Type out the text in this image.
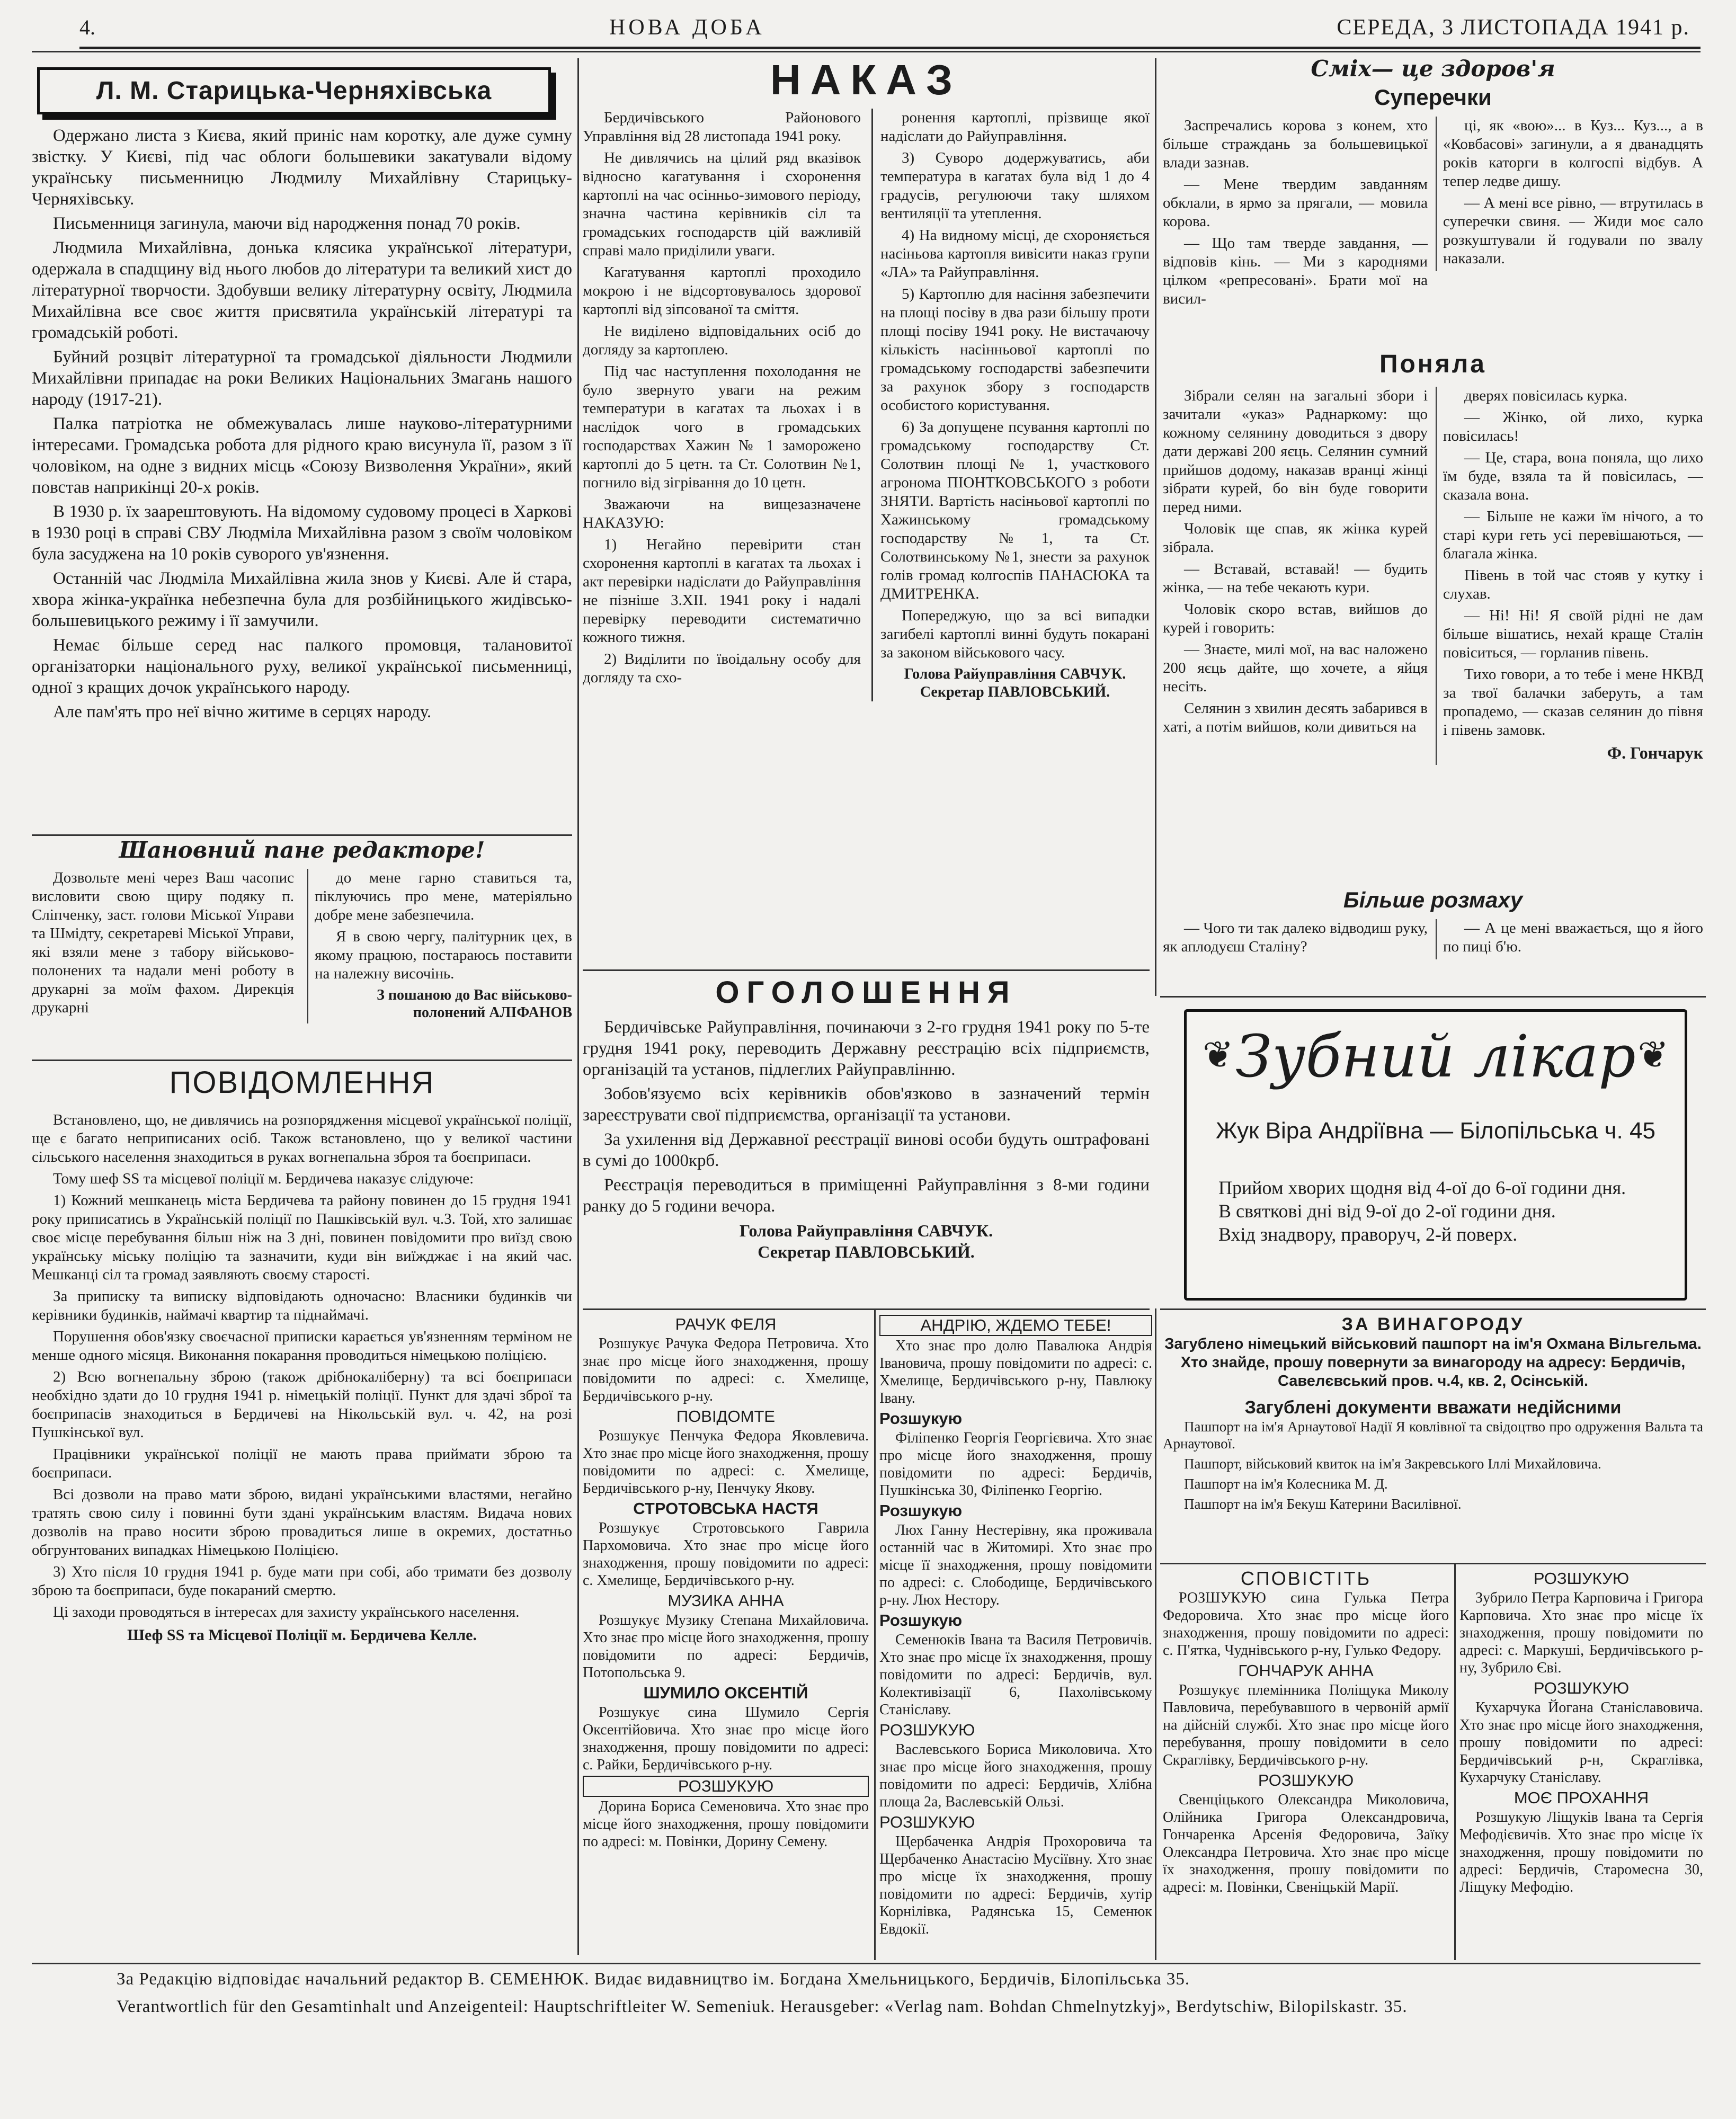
4.	НОВА ДОБА	СЕРЕДА, 3 ЛИСТОПАДА 1941 р.
Л. М. Старицька-Черняхівська

Одержано листа з Києва, який приніс нам коротку, але дуже сумну звістку. У Києві, під час облоги большевики закатували відому українську письменницю Людмилу Михайлівну Старицьку-Черняхівську.

Письменниця загинула, маючи від народження понад 70 років.

Людмила Михайлівна, донька клясика української літератури, одержала в спадщину від нього любов до літератури та великий хист до літературної творчости. Здобувши велику літературну освіту, Людмила Михайлівна все своє життя присвятила українській літературі та громадській роботі.

Буйний розцвіт літературної та громадської діяльности Людмили Михайлівни припадає на роки Великих Національних Змагань нашого народу (1917-21).

Палка патріотка не обмежувалась лише науково-літературними інтересами. Громадська робота для рідного краю висунула її, разом з її чоловіком, на одне з видних місць «Союзу Визволення України», який повстав наприкінці 20-х років.

В 1930 р. їх заарештовують. На відомому судовому процесі в Харкові в 1930 році в справі СВУ Людміла Михайлівна разом з своїм чоловіком була засуджена на 10 років суворого ув'язнення.

Останній час Людміла Михайлівна жила знов у Києві. Але й стара, хвора жінка-українка небезпечна була для розбійницького жидівсько-большевицького режиму і її замучили.

Немає більше серед нас палкого промовця, талановитої організаторки національного руху, великої української письменниці, одної з кращих дочок українського народу.

Але пам'ять про неї вічно житиме в серцях народу.

Шановний пане редакторе!

Дозвольте мені через Ваш часопис висловити свою щиру подяку п. Сліпченку, заст. голови Міської Управи та Шмідту, секретареві Міської Управи, які взяли мене з табору військово-полонених та надали мені роботу в друкарні за моїм фахом. Дирекція друкарні

до мене гарно ставиться та, піклуючись про мене, матеріяльно добре мене забезпечила.

Я в свою чергу, палітурник цех, в якому працюю, постараюсь поставити на належну височінь.

З пошаною до Вас військово-полонений АЛІФАНОВ
ПОВІДОМЛЕННЯ

Встановлено, що, не дивлячись на розпорядження місцевої української поліції, ще є багато неприписаних осіб. Також встановлено, що у великої частини сільського населення знаходиться в руках вогнепальна зброя та боєприпаси.

Тому шеф SS та місцевої поліції м. Бердичева наказує слідуюче:

1) Кожний мешканець міста Бердичева та району повинен до 15 грудня 1941 року приписатись в Українській поліції по Пашківській вул. ч.3. Той, хто залишає своє місце перебування більш ніж на 3 дні, повинен повідомити про виїзд свою українську міську поліцію та зазначити, куди він виїжджає і на який час. Мешканці сіл та громад заявляють своєму старості.

За приписку та виписку відповідають одночасно: Власники будинків чи керівники будинків, наймачі квартир та піднаймачі.

Порушення обов'язку своєчасної приписки карається ув'язненням терміном не менше одного місяця. Виконання покарання проводиться німецькою поліцією.

2) Всю вогнепальну зброю (також дрібнокаліберну) та всі боєприпаси необхідно здати до 10 грудня 1941 р. німецькій поліції. Пункт для здачі зброї та боєприпасів знаходиться в Бердичеві на Нікольській вул. ч. 42, на розі Пушкінської вул.

Працівники української поліції не мають права приймати зброю та боєприпаси.

Всі дозволи на право мати зброю, видані українськими властями, негайно тратять свою силу і повинні бути здані українським властям. Видача нових дозволів на право носити зброю провадиться лише в окремих, достатньо обгрунтованих випадках Німецькою Поліцією.

3) Хто після 10 грудня 1941 р. буде мати при собі, або тримати без дозволу зброю та боєприпаси, буде покараний смертю.

Ці заходи проводяться в інтересах для захисту українського населення.

Шеф SS та Місцевої Поліції м. Бердичева Келле.
НАКАЗ

Бердичівського Районового Управління від 28 листопада 1941 року.

Не дивлячись на цілий ряд вказівок відносно кагатування і схоронення картоплі на час осінньо-зимового періоду, значна частина керівників сіл та громадських господарств цій важливій справі мало приділили уваги.

Кагатування картоплі проходило мокрою і не відсортовувалось здорової картоплі від зіпсованої та сміття.

Не виділено відповідальних осіб до догляду за картоплею.

Під час наступлення похолодання не було звернуто уваги на режим температури в кагатах та льохах і в наслідок чого в громадських господарствах Хажин № 1 заморожено картоплі до 5 цетн. та Ст. Солотвин №1, погнило від зігрівання до 10 цетн.

Зважаючи на вищезазначене НАКАЗУЮ:

1) Негайно перевірити стан схоронення картоплі в кагатах та льохах і акт перевірки надіслати до Райуправління не пізніше 3.XII. 1941 року і надалі перевірку переводити систематично кожного тижня.

2) Виділити по ївоідальну особу для догляду та схо-

ронення картоплі, прізвище якої надіслати до Райуправління.

3) Суворо додержуватись, аби температура в кагатах була від 1 до 4 градусів, регулюючи таку шляхом вентиляції та утеплення.

4) На видному місці, де схороняється насіньова картопля вивісити наказ групи «ЛА» та Райуправління.

5) Картоплю для насіння забезпечити на площі посіву в два рази більшу проти площі посіву 1941 року. Не вистачаючу кількість насінньової картоплі по громадському господарстві забезпечити за рахунок збору з господарств особистого користування.

6) За допущене псування картоплі по громадському господарству Ст. Солотвин площі № 1, участкового агронома ПІОНТКОВСЬКОГО з роботи ЗНЯТИ. Вартість насіньової картоплі по Хажинському громадському господарству №1, та Ст. Солотвинському №1, знести за рахунок голів громад колгоспів ПАНАСЮКА та ДМИТРЕНКА.

Попереджую, що за всі випадки загибелі картоплі винні будуть покарані за законом військового часу.

Голова Райуправління САВЧУК.
Секретар ПАВЛОВСЬКИЙ.
ОГОЛОШЕННЯ

Бердичівське Райуправління, починаючи з 2-го грудня 1941 року по 5-те грудня 1941 року, переводить Державну реєстрацію всіх підприємств, організацій та установ, підлеглих Райуправлінню.

Зобов'язуємо всіх керівників обов'язково в зазначений термін зареєструвати свої підприємства, організації та установи.

За ухилення від Державної реєстрації винові особи будуть оштрафовані в сумі до 1000крб.

Реєстрація переводиться в приміщенні Райуправління з 8-ми години ранку до 5 години вечора.

Голова Райуправління САВЧУК.
Секретар ПАВЛОВСЬКИЙ.
Сміх— це здоров'я
Суперечки

Заспречались корова з конем, хто більше страждань за большевицької влади зазнав.

— Мене твердим завданням обклали, в ярмо за прягали, — мовила корова.

— Що там тверде завдання, — відповів кінь. — Ми з кароднями цілком «репресовані». Брати мої на висил-

ці, як «вою»... в Куз... Куз..., а в «Ковбасові» загинули, а я дванадцять років каторги в колгоспі відбув. А тепер ледве дишу.

— А мені все рівно, — втрутилась в суперечки свиня. — Жиди моє сало розкуштували й годували по звалу наказали.

Поняла

Зібрали селян на загальні збори і зачитали «указ» Раднаркому: що кожному селянину доводиться з двору дати державі 200 яєць. Селянин сумний прийшов додому, наказав вранці жінці зібрати курей, бо він буде говорити перед ними.

Чоловік ще спав, як жінка курей зібрала.

— Вставай, вставай! — будить жінка, — на тебе чекають кури.

Чоловік скоро встав, вийшов до курей і говорить:

— Знаєте, милі мої, на вас наложено 200 яєць дайте, що хочете, а яйця несіть.

Селянин з хвилин десять забарився в хаті, а потім вийшов, коли дивиться на

дверях повісилась курка.

— Жінко, ой лихо, курка повісилась!

— Це, стара, вона поняла, що лихо їм буде, взяла та й повісилась, — сказала вона.

— Більше не кажи їм нічого, а то старі кури геть усі перевішаються, — благала жінка.

Півень в той час стояв у кутку і слухав.

— Ні! Ні! Я своїй рідні не дам більше вішатись, нехай краще Сталін повіситься, — горланив півень.

Тихо говори, а то тебе і мене НКВД за твої балачки заберуть, а там пропадемо, — сказав селянин до півня і півень замовк.

Ф. Гончарук
Більше розмаху

— Чого ти так далеко відводиш руку, як аплодуєш Сталіну?

— А це мені вважається, що я його по пиці б'ю.

❦	❦
Зубний лікар
Жук Віра Андріївна — Білопільська ч. 45
Прийом хворих щодня від 4-ої до 6-ої години дня.
В святкові дні від 9-ої до 2-ої години дня.
Вхід знадвору, праворуч, 2-й поверх.
ЗА ВИНАГОРОДУ

Загублено німецький військовий пашпорт на ім'я Охмана Вільгельма. Хто знайде, прошу повернути за винагороду на адресу: Бердичів, Савелєвський пров. ч.4, кв. 2, Осінській.

Загублені документи вважати недійсними

Пашпорт на ім'я Арнаутової Надії Я ковлівної та свідоцтво про одруження Вальта та Арнаутової.

Пашпорт, військовий квиток на ім'я Закревського Іллі Михайловича.

Пашпорт на ім'я Колесника М. Д.

Пашпорт на ім'я Бекуш Катерини Василівної.

РАЧУК ФЕЛЯ

Розшукує Рачука Федора Петровича. Хто знає про місце його знаходження, прошу повідомити по адресі: с. Хмелище, Бердичівського р-ну.

ПОВІДОМТЕ

Розшукує Пенчука Федора Яковлевича. Хто знає про місце його знаходження, прошу повідомити по адресі: с. Хмелище, Бердичівського р-ну, Пенчуку Якову.

СТРОТОВСЬКА НАСТЯ

Розшукує Стротовського Гаврила Пархомовича. Хто знає про місце його знаходження, прошу повідомити по адресі: с. Хмелище, Бердичівського р-ну.

МУЗИКА АННА

Розшукує Музику Степана Михайловича. Хто знає про місце його знаходження, прошу повідомити по адресі: Бердичів, Потопольська 9.

ШУМИЛО ОКСЕНТІЙ

Розшукує сина Шумило Сергія Оксентійовича. Хто знає про місце його знаходження, прошу повідомити по адресі: с. Райки, Бердичівського р-ну.

РОЗШУКУЮ

Дорина Бориса Семеновича. Хто знає про місце його знаходження, прошу повідомити по адресі: м. Повінки, Дорину Семену.

АНДРІЮ, ЖДЕМО ТЕБЕ!

Хто знає про долю Павалюка Андрія Івановича, прошу повідомити по адресі: с. Хмелище, Бердичівського р-ну, Павлюку Івану.

Розшукую

Філіпенко Георгія Георгієвича. Хто знає про місце його знаходження, прошу повідомити по адресі: Бердичів, Пушкінська 30, Філіпенко Георгію.

Розшукую

Люх Ганну Нестерівну, яка проживала останній час в Житомирі. Хто знає про місце її знаходження, прошу повідомити по адресі: с. Слободище, Бердичівського р-ну. Люх Нестору.

Розшукую

Семенюків Івана та Василя Петровичів. Хто знає про місце їх знаходження, прошу повідомити по адресі: Бердичів, вул. Колективізації 6, Пахолівському Станіславу.

РОЗШУКУЮ

Васлевського Бориса Миколовича. Хто знає про місце його знаходження, прошу повідомити по адресі: Бердичів, Хлібна площа 2а, Васлевській Ользі.

РОЗШУКУЮ

Щербаченка Андрія Прохоровича та Щербаченко Анастасію Мусіївну. Хто знає про місце їх знаходження, прошу повідомити по адресі: Бердичів, хутір Корнілівка, Радянська 15, Семенюк Евдокії.

СПОВІСТІТЬ

РОЗШУКУЮ сина Гулька Петра Федоровича. Хто знає про місце його знаходження, прошу повідомити по адресі: с. П'ятка, Чуднівського р-ну, Гулько Федору.

ГОНЧАРУК АННА

Розшукує племінника Поліщука Миколу Павловича, перебувавшого в червоній армії на дійсній службі. Хто знає про місце його перебування, прошу повідомити в село Скраглівку, Бердичівського р-ну.

РОЗШУКУЮ

Свенціцького Олександра Миколовича, Олійника Григора Олександровича, Гончаренка Арсенія Федоровича, Заїку Олександра Петровича. Хто знає про місце їх знаходження, прошу повідомити по адресі: м. Повінки, Свеніцькій Марії.

РОЗШУКУЮ

Зубрило Петра Карповича і Григора Карповича. Хто знає про місце їх знаходження, прошу повідомити по адресі: с. Маркуші, Бердичівського р-ну, Зубрило Єві.

РОЗШУКУЮ

Кухарчука Йогана Станіславовича. Хто знає про місце його знаходження, прошу повідомити по адресі: Бердичівський р-н, Скраглівка, Кухарчуку Станіславу.

МОЄ ПРОХАННЯ

Розшукую Ліщуків Івана та Сергія Мефодієвичів. Хто знає про місце їх знаходження, прошу повідомити по адресі: Бердичів, Старомесна 30, Ліщуку Мефодію.

За Редакцію відповідає начальний редактор В. СЕМЕНЮК. Видає видавництво ім. Богдана Хмельницького, Бердичів, Білопільська 35.
Verantwortlich für den Gesamtinhalt und Anzeigenteil: Hauptschriftleiter W. Semeniuk. Herausgeber: «Verlag nam. Bohdan Chmelnytzkyj», Berdytschiw, Bilopilskastr. 35.
